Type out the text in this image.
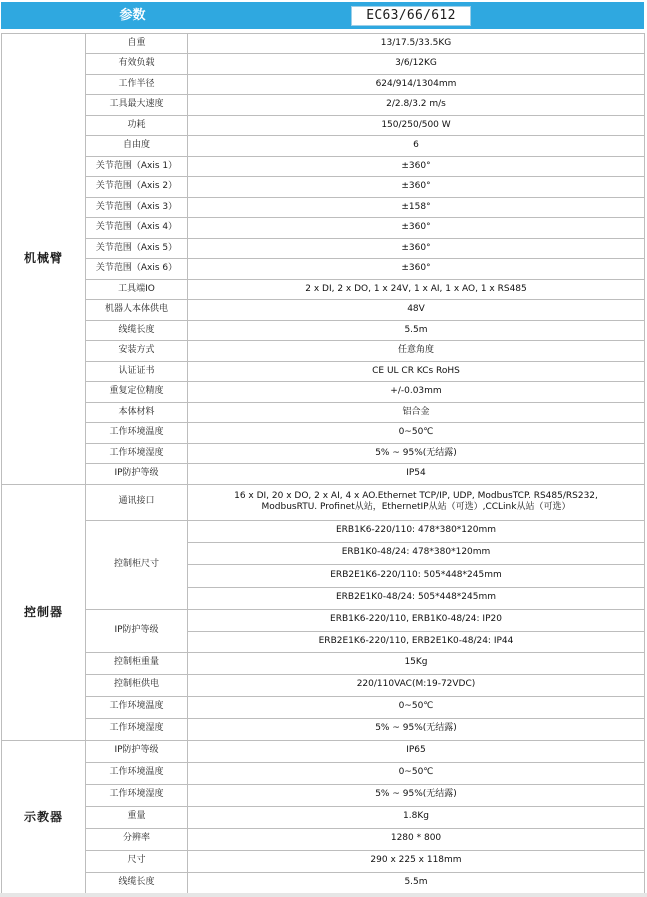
参数	EC63/66/612
机械臂	自重	13/17.5/33.5KG
	有效负载	3/6/12KG
	工作半径	624/914/1304mm
	工具最大速度	2/2.8/3.2 m/s
	功耗	150/250/500 W
	自由度	6
	关节范围（Axis 1）	±360°
	关节范围（Axis 2）	±360°
	关节范围（Axis 3）	±158°
	关节范围（Axis 4）	±360°
	关节范围（Axis 5）	±360°
	关节范围（Axis 6）	±360°
	工具端IO	2 x DI, 2 x DO, 1 x 24V, 1 x AI, 1 x AO, 1 x RS485
	机器人本体供电	48V
	线缆长度	5.5m
	安装方式	任意角度
	认证证书	CE UL CR KCs RoHS
	重复定位精度	+/-0.03mm
	本体材料	铝合金
	工作环境温度	0~50℃
	工作环境湿度	5% ~ 95%(无结露)
	IP防护等级	IP54
控制器	通讯接口	16 x DI, 20 x DO, 2 x AI, 4 x AO.Ethernet TCP/IP, UDP, ModbusTCP. RS485/RS232,
ModbusRTU. Profinet从站，EthernetIP从站（可选）,CCLink从站（可选）

	控制柜尺寸	ERB1K6-220/110: 478*380*120mm
		ERB1K0-48/24: 478*380*120mm
		ERB2E1K6-220/110: 505*448*245mm
		ERB2E1K0-48/24: 505*448*245mm
	IP防护等级	ERB1K6-220/110, ERB1K0-48/24: IP20
		ERB2E1K6-220/110, ERB2E1K0-48/24: IP44
	控制柜重量	15Kg
	控制柜供电	220/110VAC(M:19-72VDC)
	工作环境温度	0~50℃
	工作环境湿度	5% ~ 95%(无结露)
示教器	IP防护等级	IP65
	工作环境温度	0~50℃
	工作环境湿度	5% ~ 95%(无结露)
	重量	1.8Kg
	分辨率	1280 * 800
	尺寸	290 x 225 x 118mm
	线缆长度	5.5m
